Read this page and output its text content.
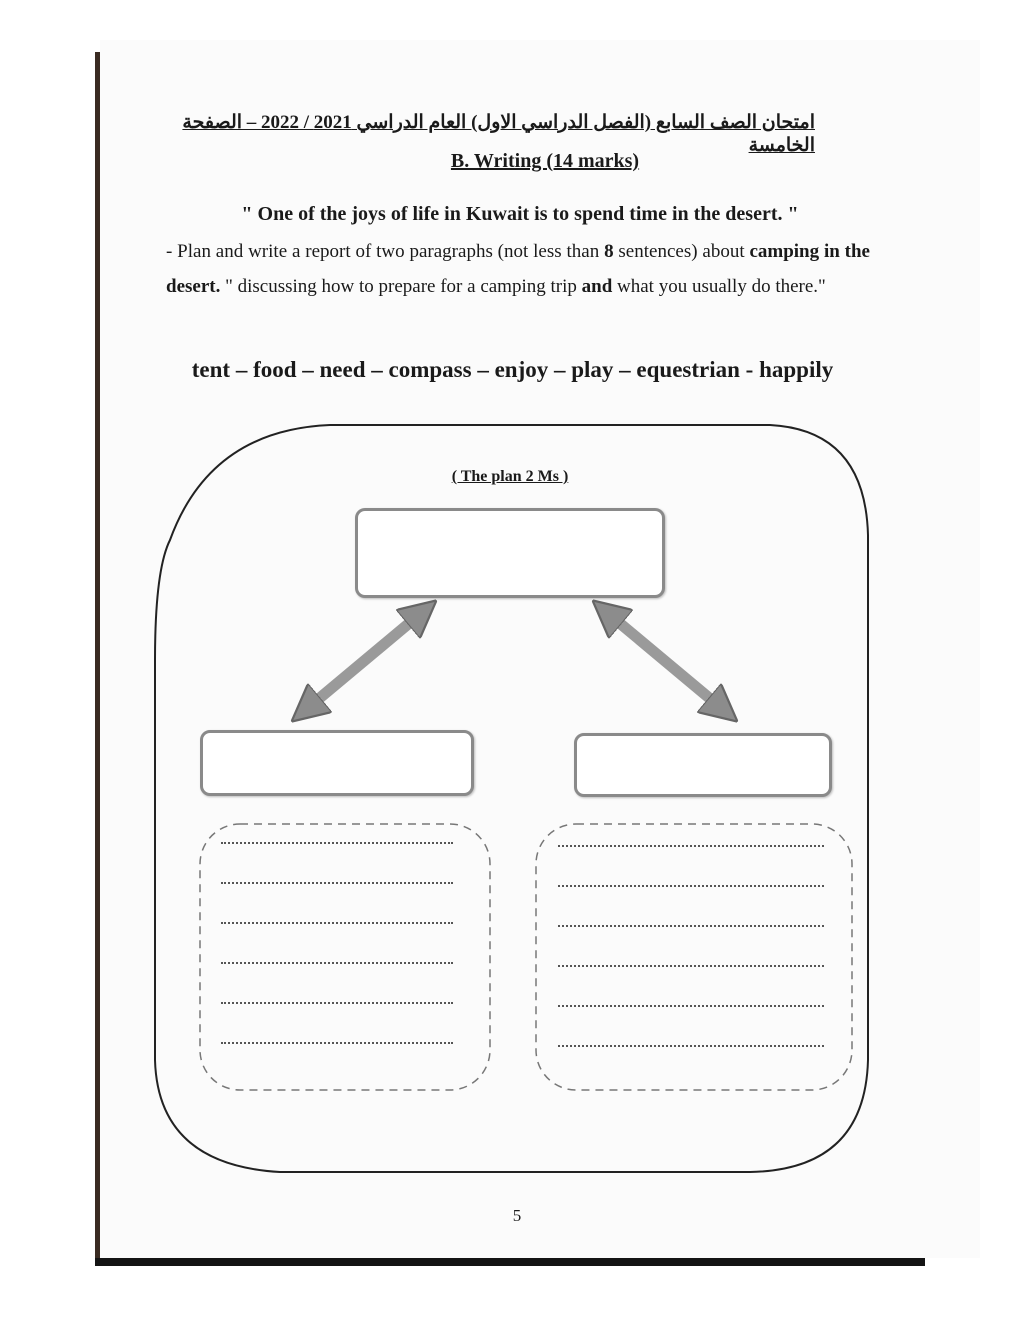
امتحان الصف السابع (الفصل الدراسي الاول) العام الدراسي 2021 / 2022 – الصفحة الخامسة
B. Writing (14 marks)
" One of the joys of life in Kuwait is to spend time in the desert. "
- Plan and write a report of two paragraphs (not less than 8 sentences) about camping in the desert. " discussing how to prepare for a camping trip and what you usually do there."
tent – food – need – compass – enjoy – play – equestrian - happily
( The plan 2 Ms )
5
